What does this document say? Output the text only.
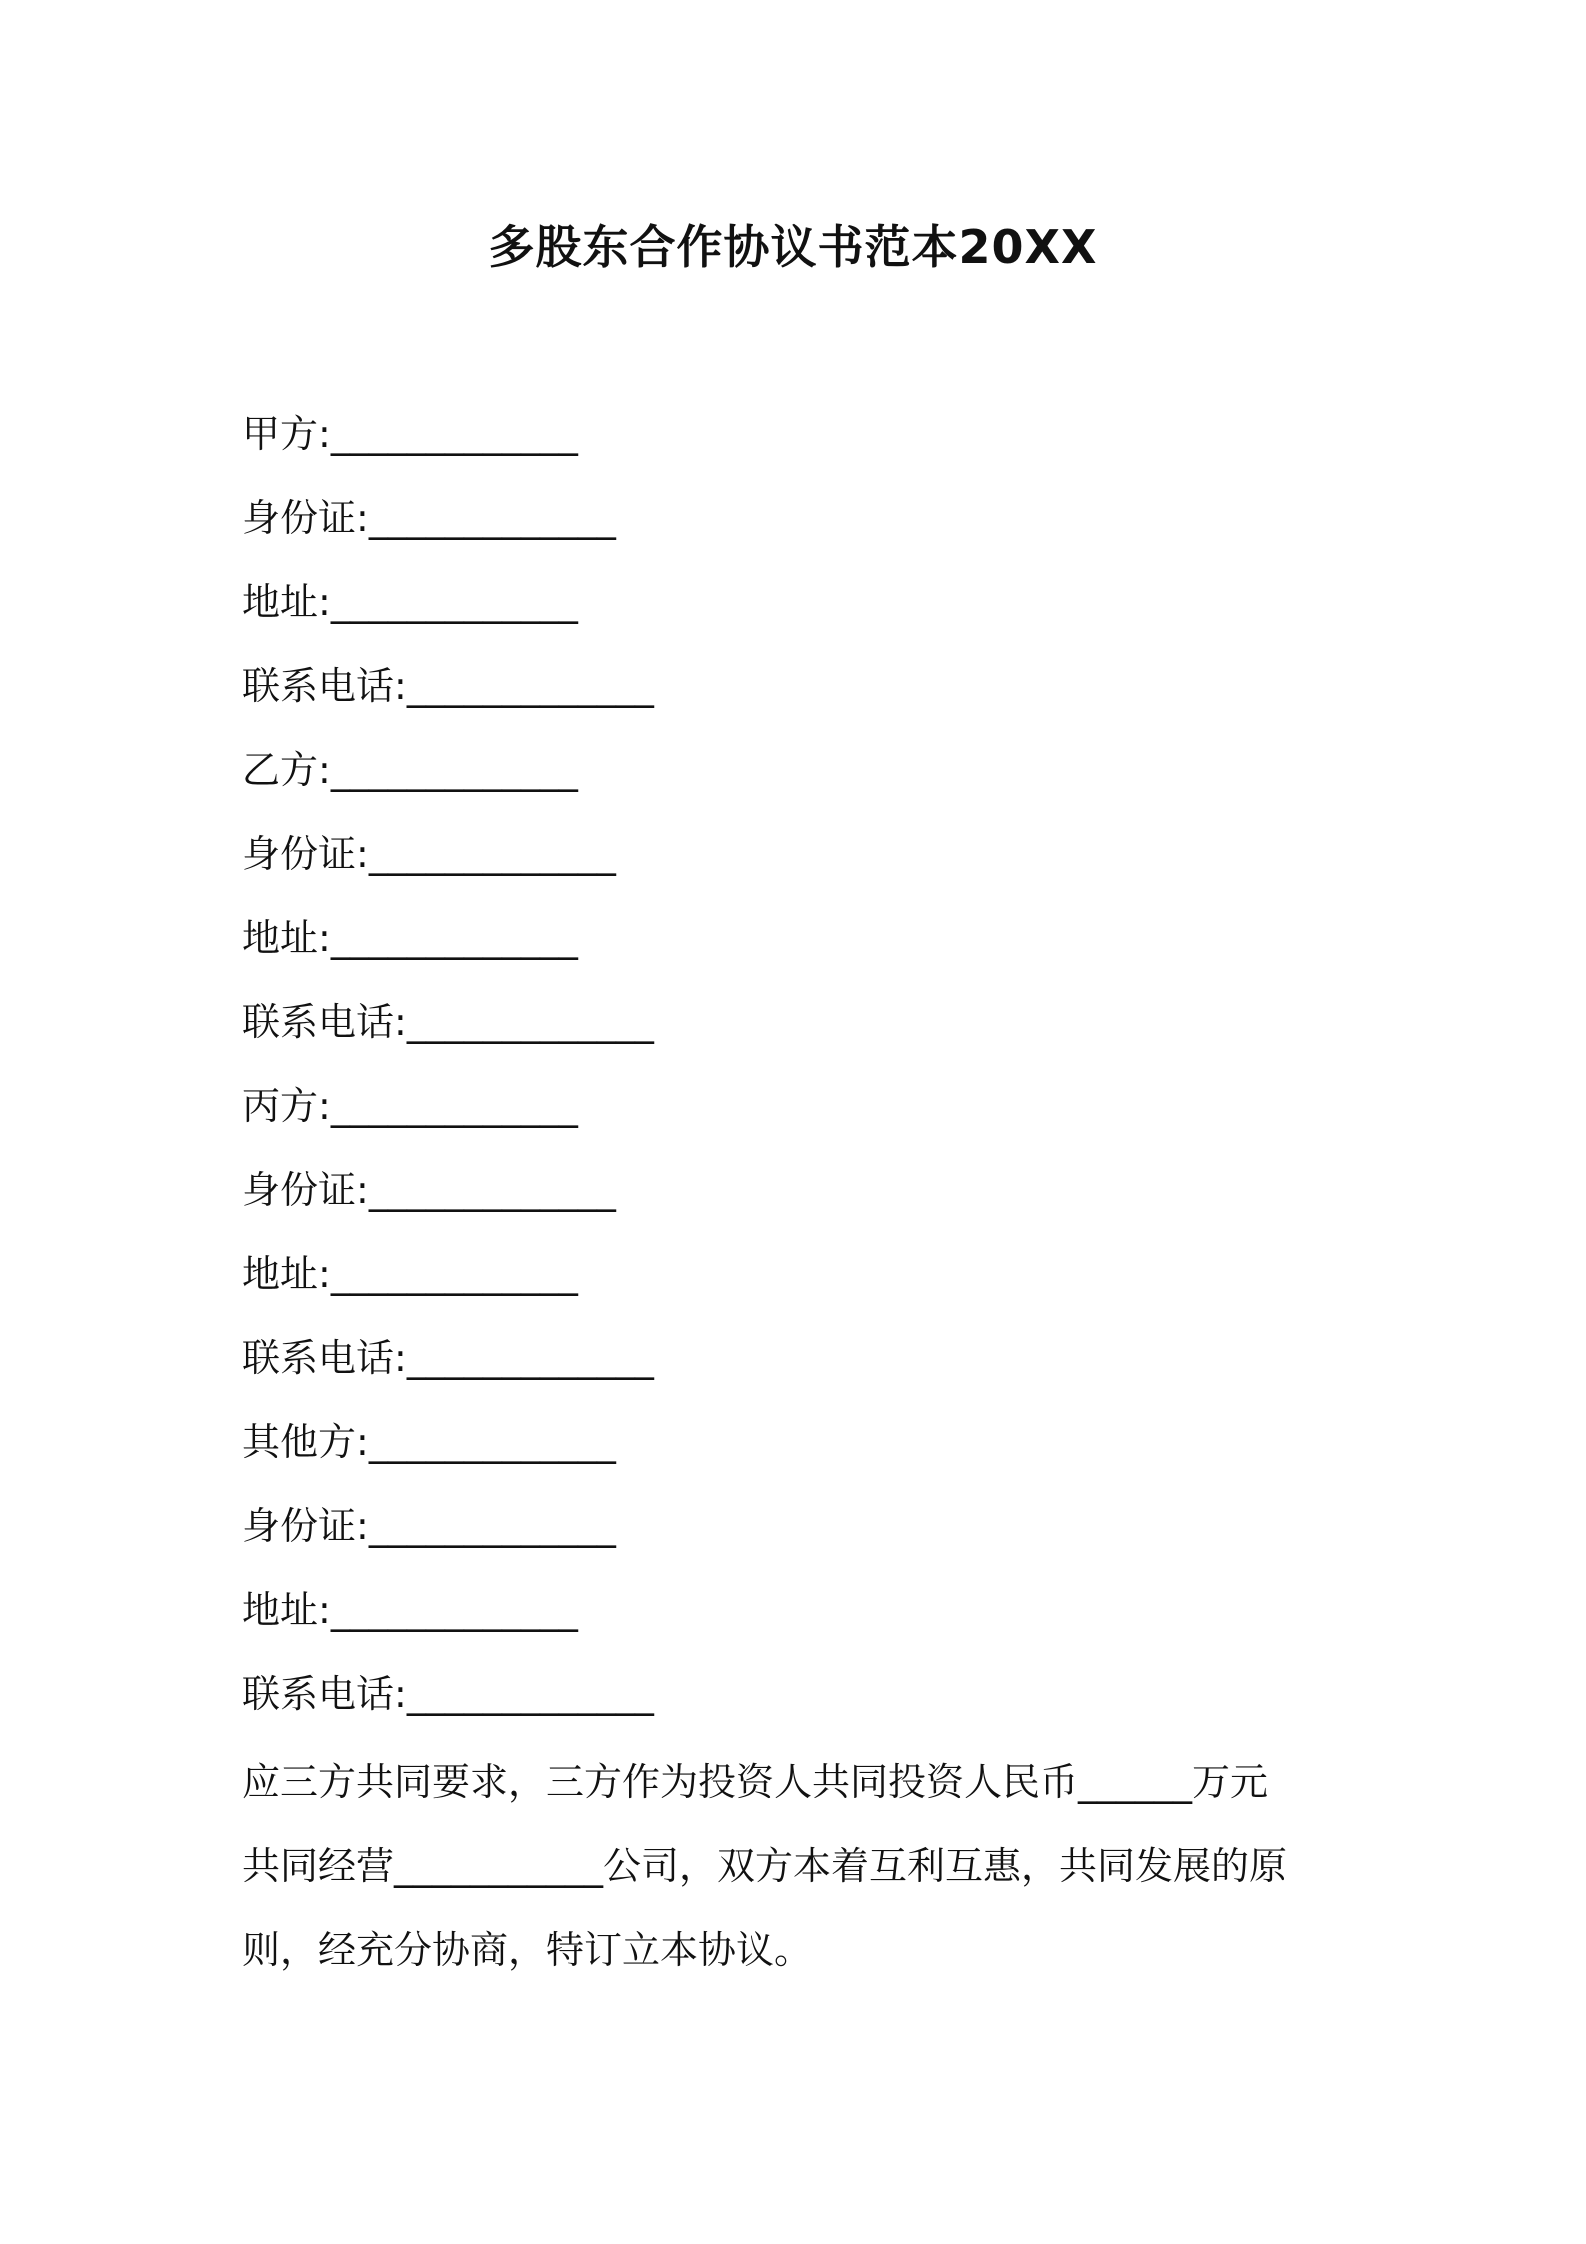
多股东合作协议书范本20XX
甲方:_____________
身份证:_____________
地址:_____________
联系电话:_____________
乙方:_____________
身份证:_____________
地址:_____________
联系电话:_____________
丙方:_____________
身份证:_____________
地址:_____________
联系电话:_____________
其他方:_____________
身份证:_____________
地址:_____________
联系电话:_____________
应三方共同要求，三方作为投资人共同投资人民币______万元
共同经营___________公司，双方本着互利互惠，共同发展的原
则，经充分协商，特订立本协议。
